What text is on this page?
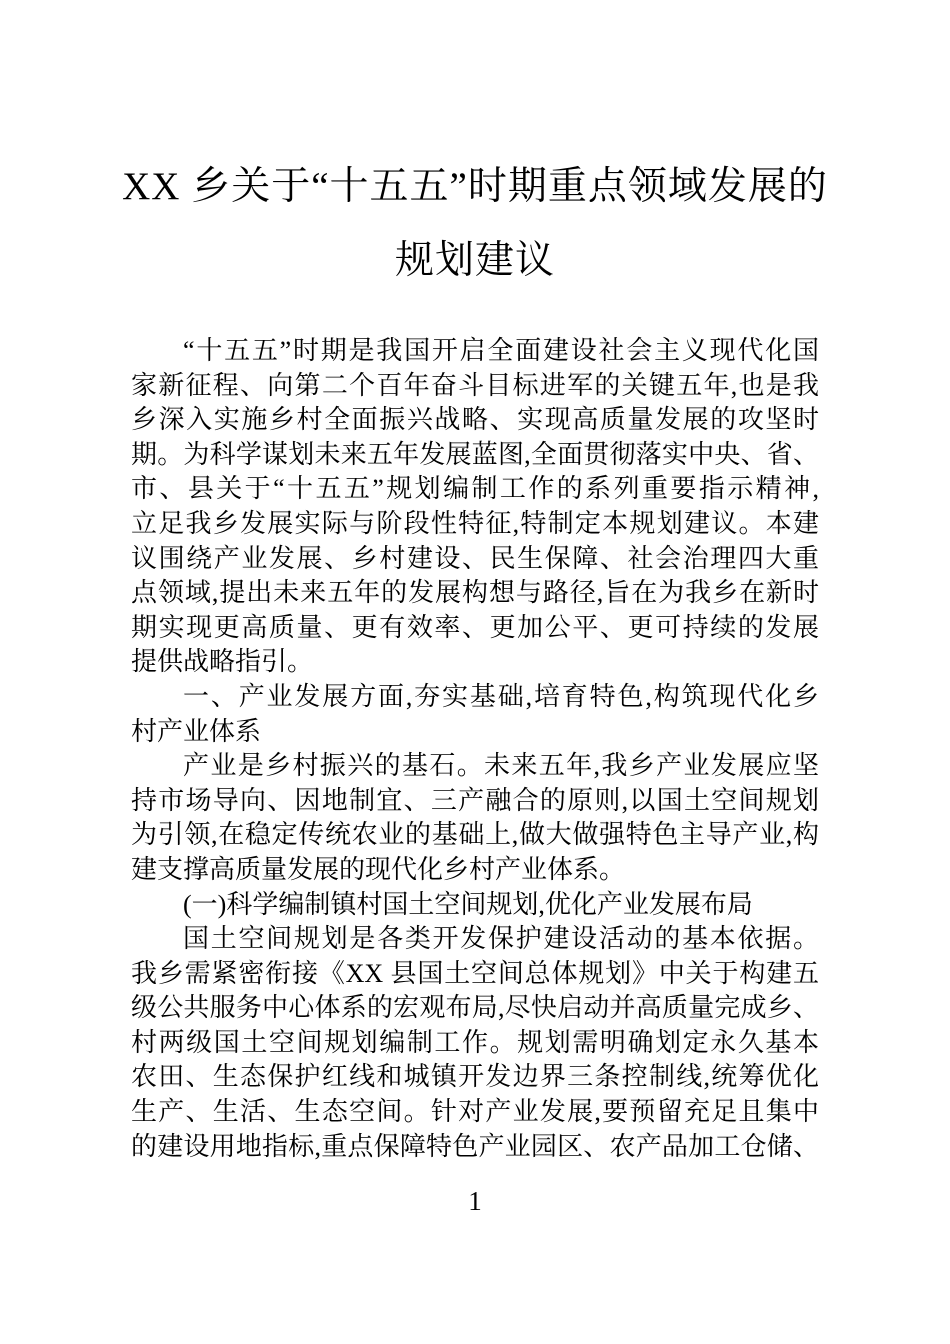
XX 乡关于“十五五”时期重点领域发展的
规划建议
“十五五”时期是我国开启全面建设社会主义现代化国
家新征程、向第二个百年奋斗目标进军的关键五年,也是我
乡深入实施乡村全面振兴战略、实现高质量发展的攻坚时
期。为科学谋划未来五年发展蓝图,全面贯彻落实中央、省、
市、县关于“十五五”规划编制工作的系列重要指示精神,
立足我乡发展实际与阶段性特征,特制定本规划建议。本建
议围绕产业发展、乡村建设、民生保障、社会治理四大重
点领域,提出未来五年的发展构想与路径,旨在为我乡在新时
期实现更高质量、更有效率、更加公平、更可持续的发展
提供战略指引。
一、产业发展方面,夯实基础,培育特色,构筑现代化乡
村产业体系
产业是乡村振兴的基石。未来五年,我乡产业发展应坚
持市场导向、因地制宜、三产融合的原则,以国土空间规划
为引领,在稳定传统农业的基础上,做大做强特色主导产业,构
建支撑高质量发展的现代化乡村产业体系。
(一)科学编制镇村国土空间规划,优化产业发展布局
国土空间规划是各类开发保护建设活动的基本依据。
我乡需紧密衔接《XX 县国土空间总体规划》中关于构建五
级公共服务中心体系的宏观布局,尽快启动并高质量完成乡、
村两级国土空间规划编制工作。规划需明确划定永久基本
农田、生态保护红线和城镇开发边界三条控制线,统筹优化
生产、生活、生态空间。针对产业发展,要预留充足且集中
的建设用地指标,重点保障特色产业园区、农产品加工仓储、
1
